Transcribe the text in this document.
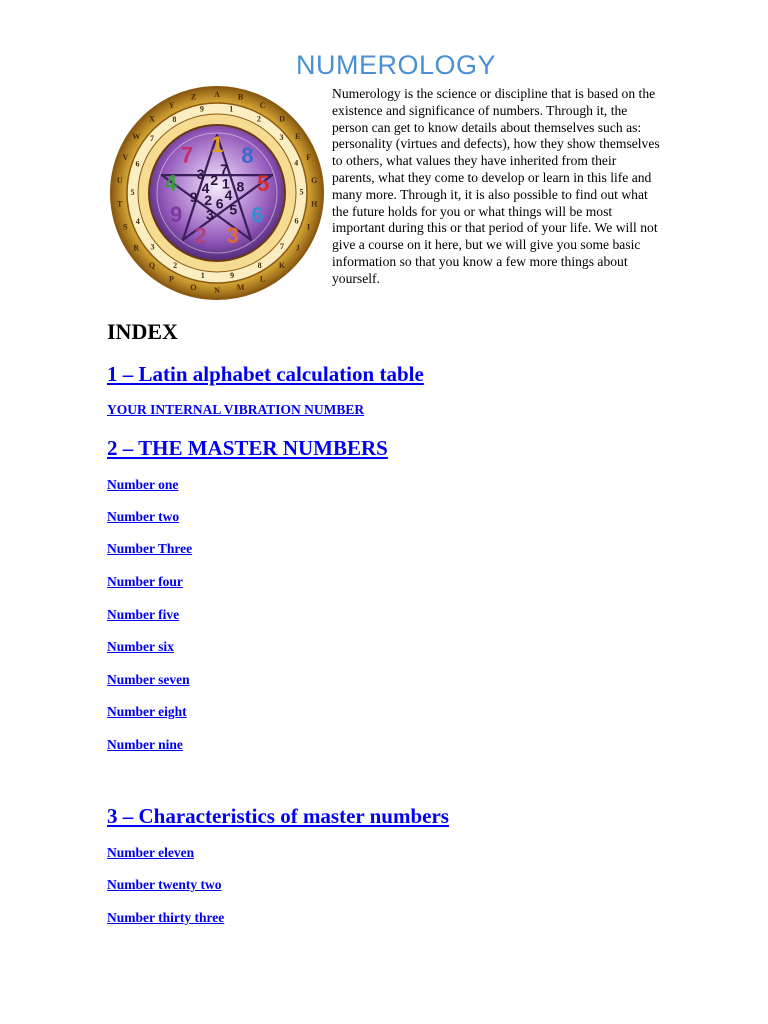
NUMEROLOGY
A B
C
D
E
F
G
H
I
J
K
L
M
N
O
P
Q
R
S
T
U
V
W
X
Y
Z
1
2
3
4
5
6
7
8
9
1
2
3
4
5
6
7
8
9
7 1 8
5
6
3
2
9
4
7
1 8
4
5
6
3
2
9
4
3 2

Numerology is the science or discipline that is based on the existence and significance of numbers. Through it, the person can get to know details about themselves such as: personality (virtues and defects), how they show themselves to others, what values they have inherited from their parents, what they come to develop or learn in this life and many more. Through it, it is also possible to find out what the future holds for you or what things will be most important during this or that period of your life. We will not give a course on it here, but we will give you some basic information so that you know a few more things about yourself.

INDEX
1 – Latin alphabet calculation table
YOUR INTERNAL VIBRATION NUMBER
2 – THE MASTER NUMBERS
Number one
Number two
Number Three
Number four
Number five
Number six
Number seven
Number eight
Number nine
3 – Characteristics of master numbers
Number eleven
Number twenty two
Number thirty three
